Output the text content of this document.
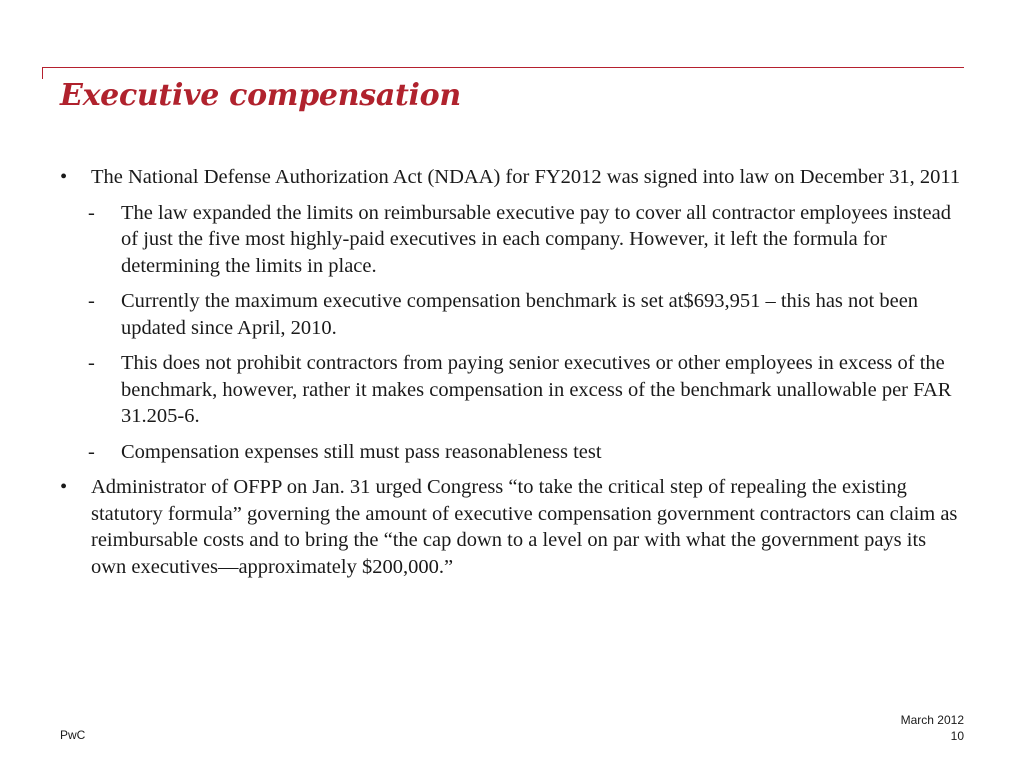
Executive compensation
• The National Defense Authorization Act (NDAA) for FY2012 was signed into law on December 31, 2011
- The law expanded the limits on reimbursable executive pay to cover all contractor employees instead of just the five most highly-paid executives in each company. However, it left the formula for determining the limits in place.
- Currently the maximum executive compensation benchmark is set at$693,951 – this has not been updated since April, 2010.
- This does not prohibit contractors from paying senior executives or other employees in excess of the benchmark, however, rather it makes compensation in excess of the benchmark unallowable per FAR 31.205-6.
- Compensation expenses still must pass reasonableness test
• Administrator of OFPP on Jan. 31 urged Congress “to take the critical step of repealing the existing statutory formula” governing the amount of executive compensation government contractors can claim as reimbursable costs and to bring the “the cap down to a level on par with what the government pays its own executives—approximately $200,000.”
PwC
March 2012
10
